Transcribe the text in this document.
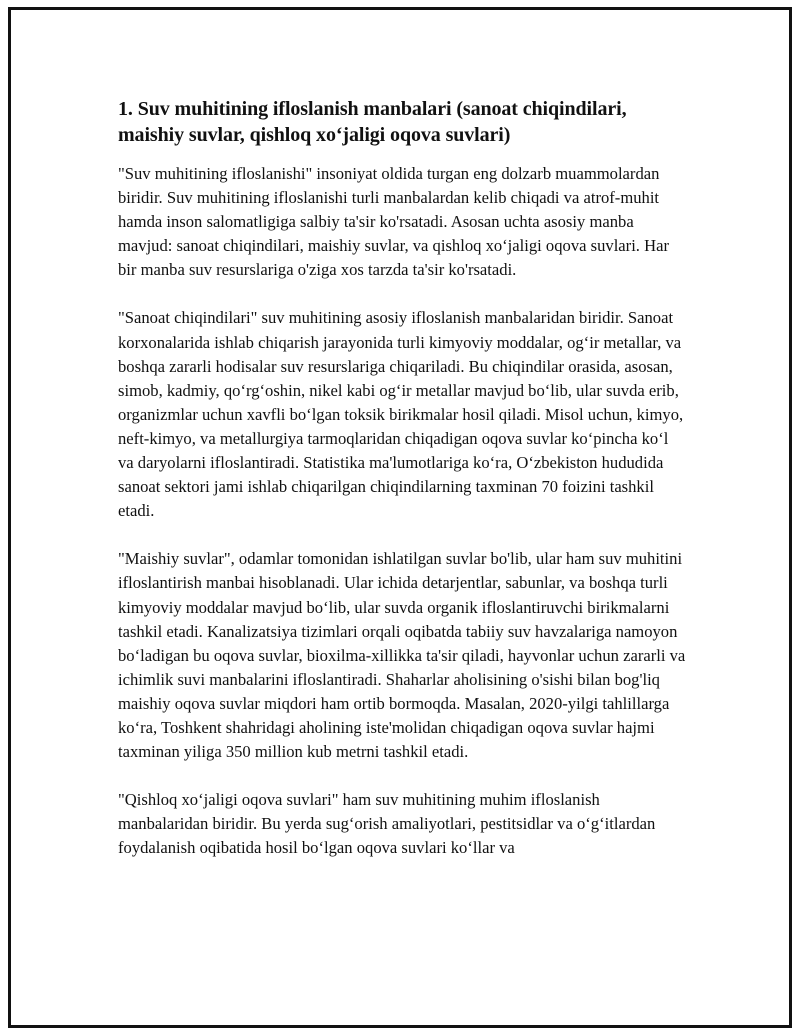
1. Suv muhitining ifloslanish manbalari (sanoat chiqindilari, maishiy suvlar, qishloq xo‘jaligi oqova suvlari)

"Suv muhitining ifloslanishi" insoniyat oldida turgan eng dolzarb muammolardan biridir. Suv muhitining ifloslanishi turli manbalardan kelib chiqadi va atrof-muhit hamda inson salomatligiga salbiy ta'sir ko'rsatadi. Asosan uchta asosiy manba mavjud: sanoat chiqindilari, maishiy suvlar, va qishloq xo‘jaligi oqova suvlari. Har bir manba suv resurslariga o'ziga xos tarzda ta'sir ko'rsatadi.

"Sanoat chiqindilari" suv muhitining asosiy ifloslanish manbalaridan biridir. Sanoat korxonalarida ishlab chiqarish jarayonida turli kimyoviy moddalar, og‘ir metallar, va boshqa zararli hodisalar suv resurslariga chiqariladi. Bu chiqindilar orasida, asosan, simob, kadmiy, qo‘rg‘oshin, nikel kabi og‘ir metallar mavjud bo‘lib, ular suvda erib, organizmlar uchun xavfli bo‘lgan toksik birikmalar hosil qiladi. Misol uchun, kimyo, neft-kimyo, va metallurgiya tarmoqlaridan chiqadigan oqova suvlar ko‘pincha ko‘l va daryolarni ifloslantiradi. Statistika ma'lumotlariga ko‘ra, O‘zbekiston hududida sanoat sektori jami ishlab chiqarilgan chiqindilarning taxminan 70 foizini tashkil etadi.

"Maishiy suvlar", odamlar tomonidan ishlatilgan suvlar bo'lib, ular ham suv muhitini ifloslantirish manbai hisoblanadi. Ular ichida detarjentlar, sabunlar, va boshqa turli kimyoviy moddalar mavjud bo‘lib, ular suvda organik ifloslantiruvchi birikmalarni tashkil etadi. Kanalizatsiya tizimlari orqali oqibatda tabiiy suv havzalariga namoyon bo‘ladigan bu oqova suvlar, bioxilma-xillikka ta'sir qiladi, hayvonlar uchun zararli va ichimlik suvi manbalarini ifloslantiradi. Shaharlar aholisining o'sishi bilan bog'liq maishiy oqova suvlar miqdori ham ortib bormoqda. Masalan, 2020-yilgi tahlillarga ko‘ra, Toshkent shahridagi aholining iste'molidan chiqadigan oqova suvlar hajmi taxminan yiliga 350 million kub metrni tashkil etadi.

"Qishloq xo‘jaligi oqova suvlari" ham suv muhitining muhim ifloslanish manbalaridan biridir. Bu yerda sug‘orish amaliyotlari, pestitsidlar va o‘g‘itlardan foydalanish oqibatida hosil bo‘lgan oqova suvlari ko‘llar va
